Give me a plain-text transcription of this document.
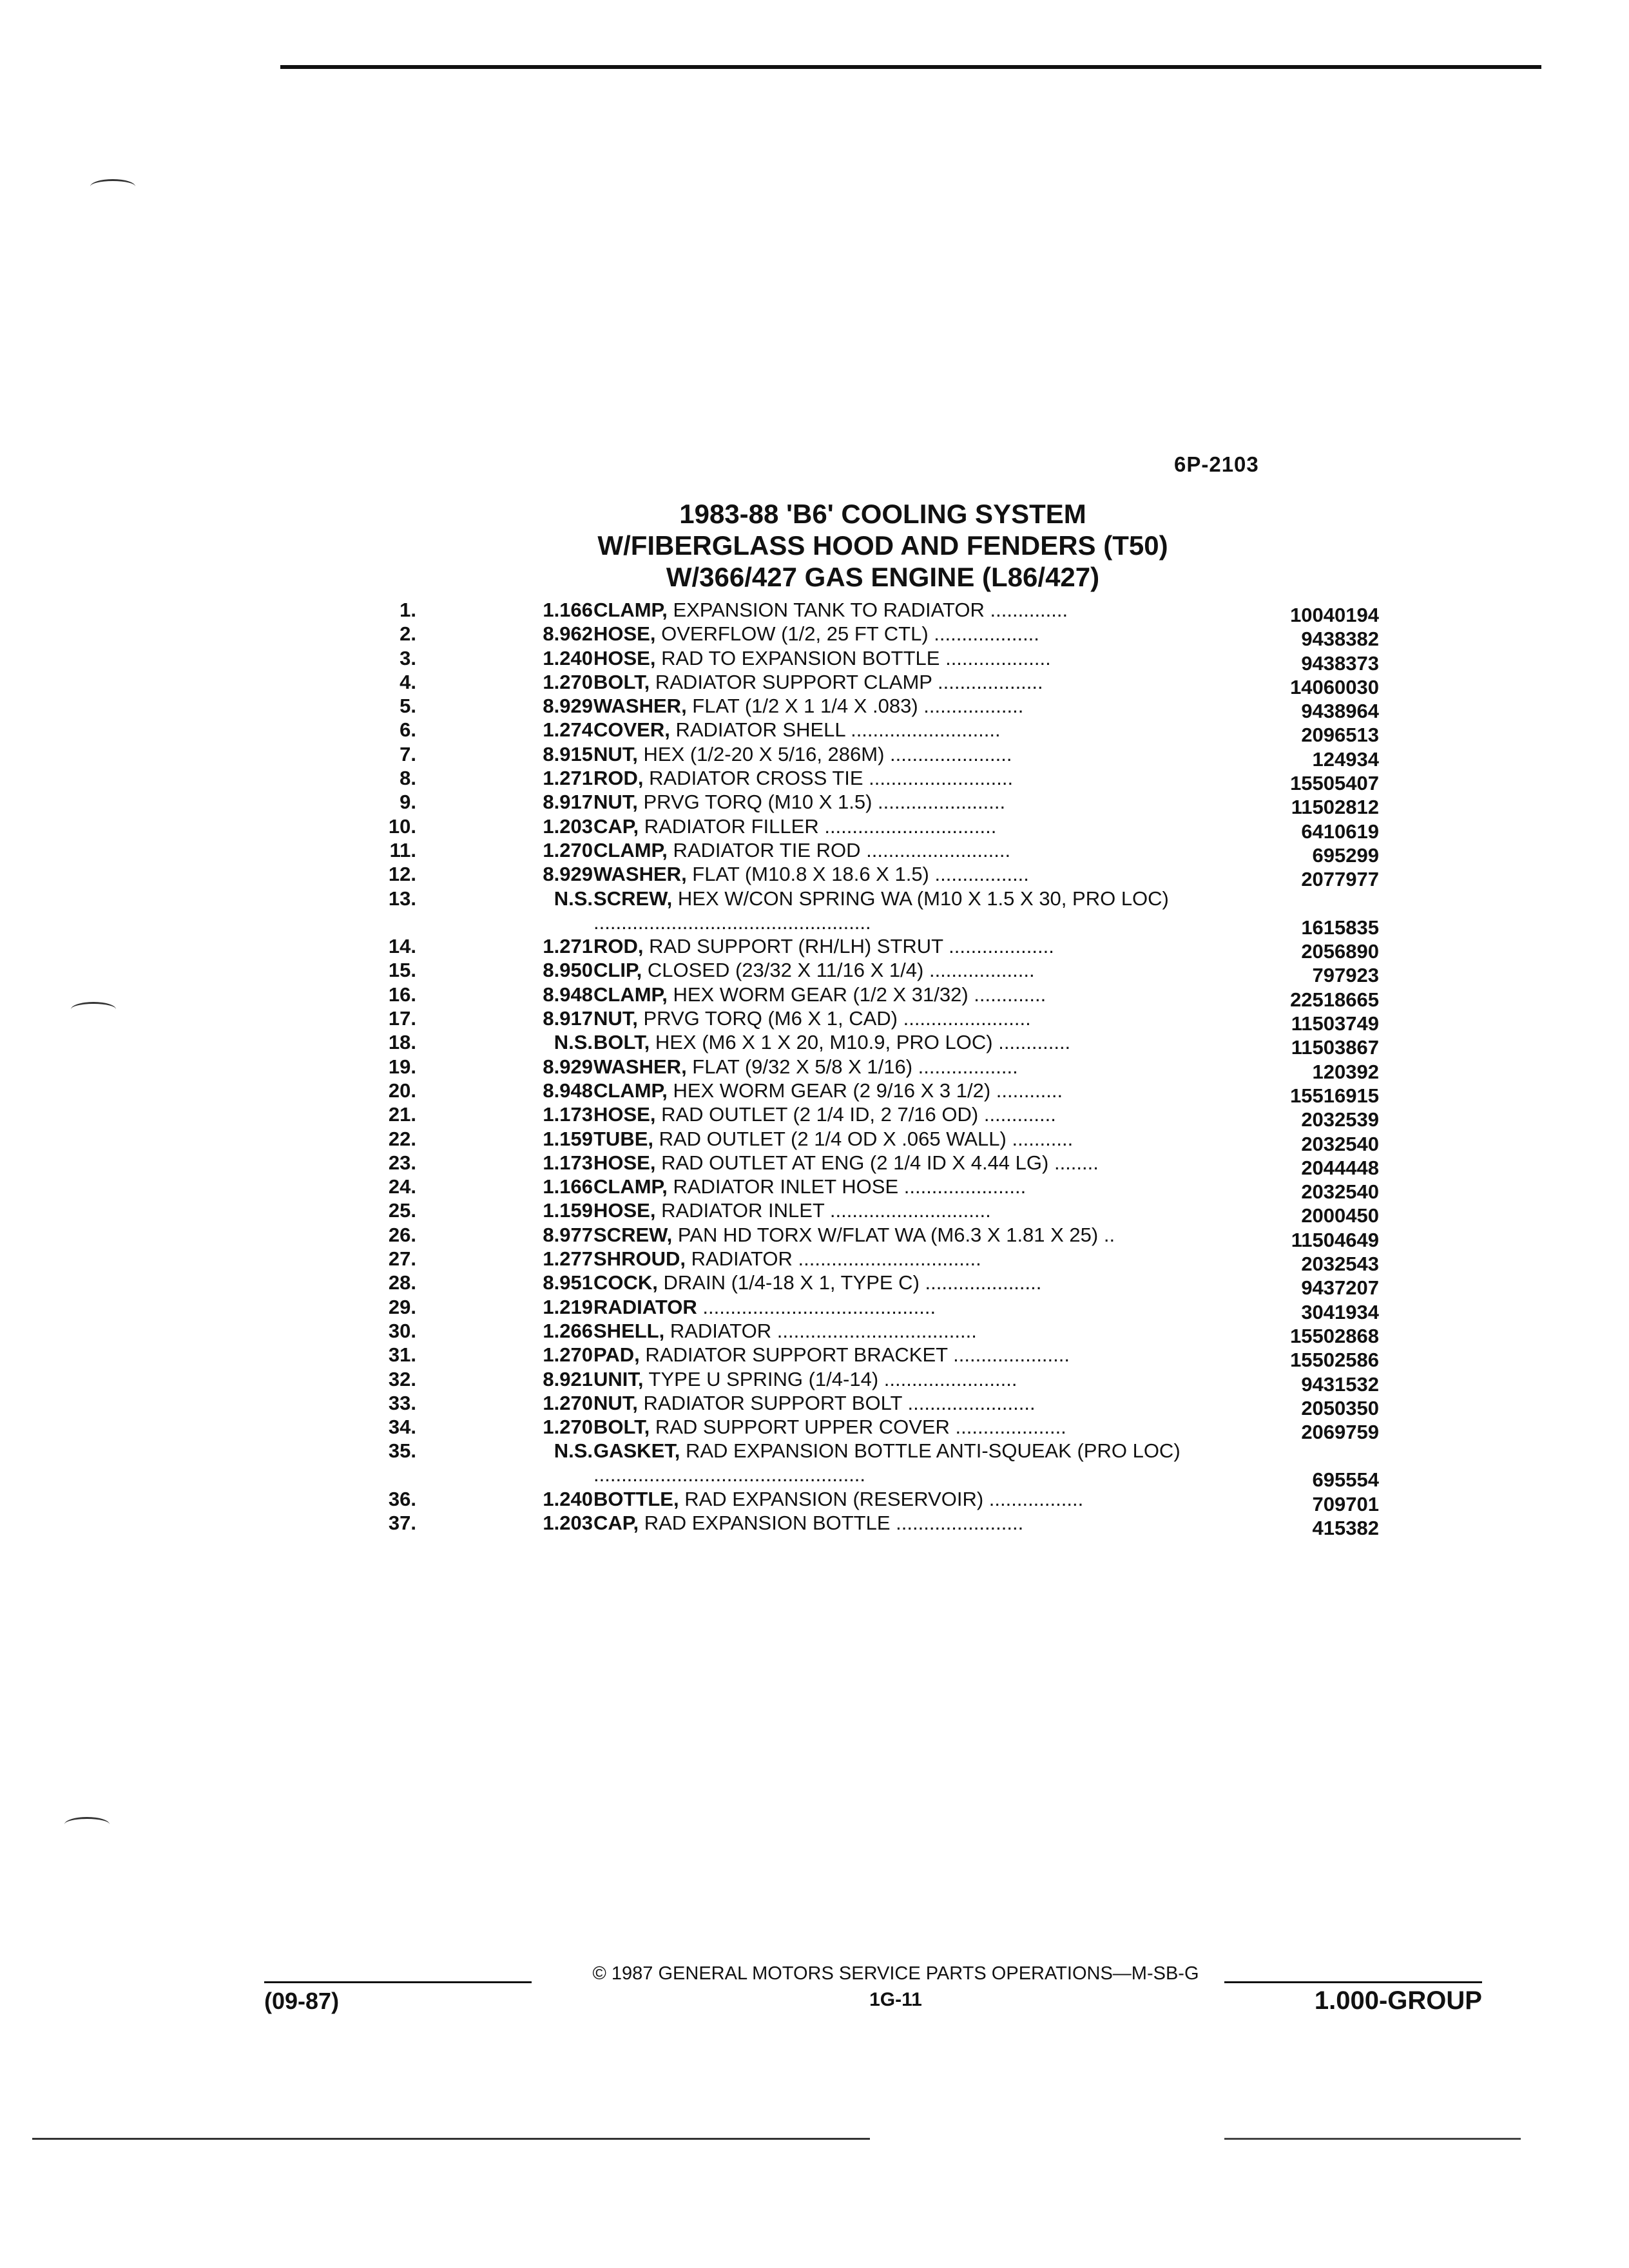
6P-2103
1983-88 'B6' COOLING SYSTEM
W/FIBERGLASS HOOD AND FENDERS (T50)
W/366/427 GAS ENGINE (L86/427)
1.	1.166 CLAMP, EXPANSION TANK TO RADIATOR ..............	10040194
2.	8.962 HOSE, OVERFLOW (1/2, 25 FT CTL) ...................	9438382
3.	1.240 HOSE, RAD TO EXPANSION BOTTLE ...................	9438373
4.	1.270 BOLT, RADIATOR SUPPORT CLAMP ...................	14060030
5.	8.929 WASHER, FLAT (1/2 X 1 1/4 X .083) ..................	9438964
6.	1.274 COVER, RADIATOR SHELL ...........................	2096513
7.	8.915 NUT, HEX (1/2-20 X 5/16, 286M) ......................	124934
8.	1.271 ROD, RADIATOR CROSS TIE ..........................	15505407
9.	8.917 NUT, PRVG TORQ (M10 X 1.5) .......................	11502812
10.	1.203 CAP, RADIATOR FILLER ...............................	6410619
11.	1.270 CLAMP, RADIATOR TIE ROD ..........................	695299
12.	8.929 WASHER, FLAT (M10.8 X 18.6 X 1.5) .................	2077977
13.	N.S. SCREW, HEX W/CON SPRING WA (M10 X 1.5 X 30, PRO LOC) ..................................................	1615835
14.	1.271 ROD, RAD SUPPORT (RH/LH) STRUT ...................	2056890
15.	8.950 CLIP, CLOSED (23/32 X 11/16 X 1/4) ...................	797923
16.	8.948 CLAMP, HEX WORM GEAR (1/2 X 31/32) .............	22518665
17.	8.917 NUT, PRVG TORQ (M6 X 1, CAD) .......................	11503749
18.	N.S. BOLT, HEX (M6 X 1 X 20, M10.9, PRO LOC) .............	11503867
19.	8.929 WASHER, FLAT (9/32 X 5/8 X 1/16) ..................	120392
20.	8.948 CLAMP, HEX WORM GEAR (2 9/16 X 3 1/2) ............	15516915
21.	1.173 HOSE, RAD OUTLET (2 1/4 ID, 2 7/16 OD) .............	2032539
22.	1.159 TUBE, RAD OUTLET (2 1/4 OD X .065 WALL) ...........	2032540
23.	1.173 HOSE, RAD OUTLET AT ENG (2 1/4 ID X 4.44 LG) ........	2044448
24.	1.166 CLAMP, RADIATOR INLET HOSE ......................	2032540
25.	1.159 HOSE, RADIATOR INLET .............................	2000450
26.	8.977 SCREW, PAN HD TORX W/FLAT WA (M6.3 X 1.81 X 25) ..	11504649
27.	1.277 SHROUD, RADIATOR .................................	2032543
28.	8.951 COCK, DRAIN (1/4-18 X 1, TYPE C) .....................	9437207
29.	1.219 RADIATOR ..........................................	3041934
30.	1.266 SHELL, RADIATOR ....................................	15502868
31.	1.270 PAD, RADIATOR SUPPORT BRACKET .....................	15502586
32.	8.921 UNIT, TYPE U SPRING (1/4-14) ........................	9431532
33.	1.270 NUT, RADIATOR SUPPORT BOLT .......................	2050350
34.	1.270 BOLT, RAD SUPPORT UPPER COVER ....................	2069759
35.	N.S. GASKET, RAD EXPANSION BOTTLE ANTI-SQUEAK (PRO LOC) .................................................	695554
36.	1.240 BOTTLE, RAD EXPANSION (RESERVOIR) .................	709701
37.	1.203 CAP, RAD EXPANSION BOTTLE .......................	415382
(09-87)
© 1987 GENERAL MOTORS SERVICE PARTS OPERATIONS—M-SB-G
1G-11	1.000-GROUP
